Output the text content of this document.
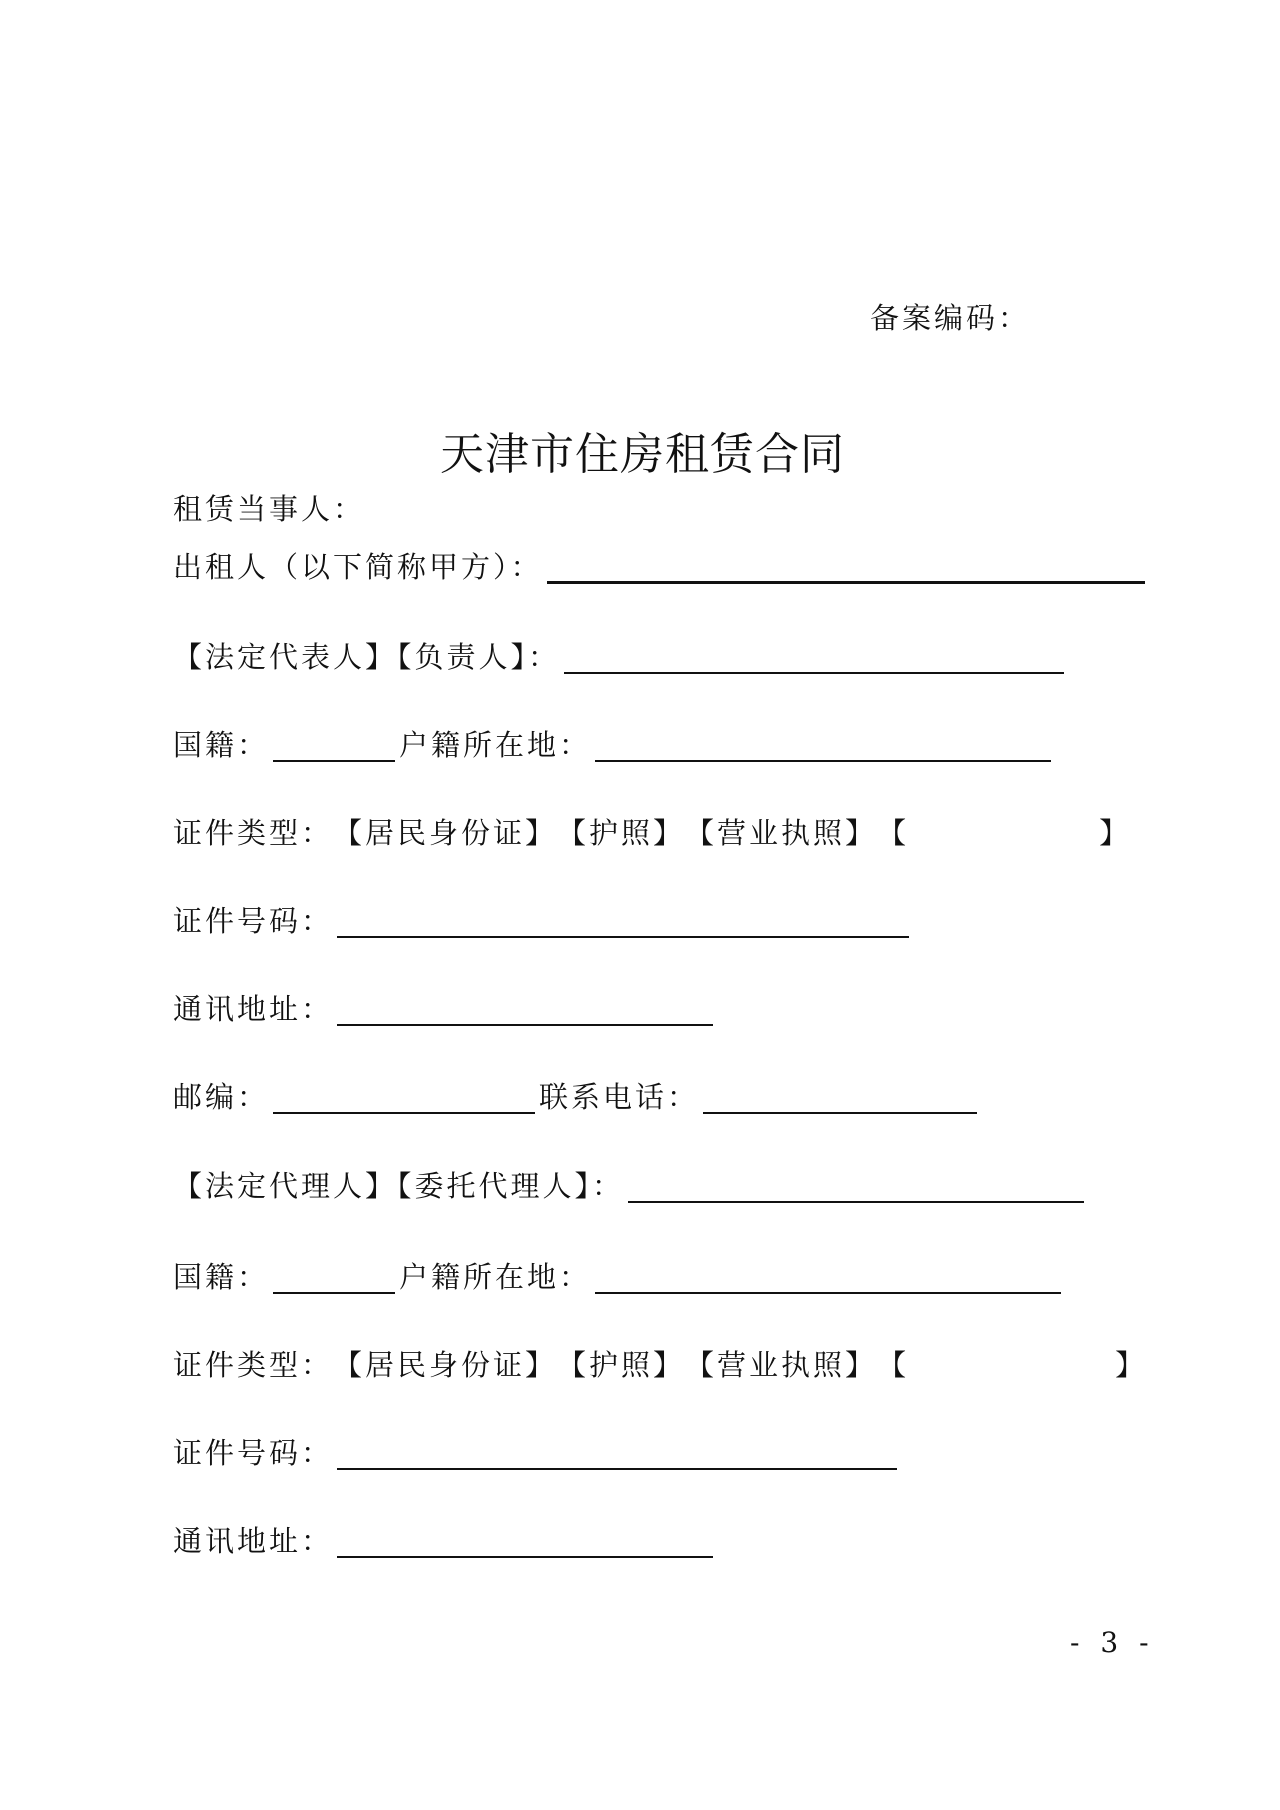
备案编码：
天津市住房租赁合同
租赁当事人：
出租人（以下简称甲方）：
【法定代表人】【负责人】：
国籍：	户籍所在地：
证件类型： 【居民身份证】 【护照】 【营业执照】 【	】
证件号码：
通讯地址：
邮编：	联系电话：
【法定代理人】【委托代理人】：
国籍：	户籍所在地：
证件类型： 【居民身份证】 【护照】 【营业执照】 【	】
证件号码：
通讯地址：
- 3 -
